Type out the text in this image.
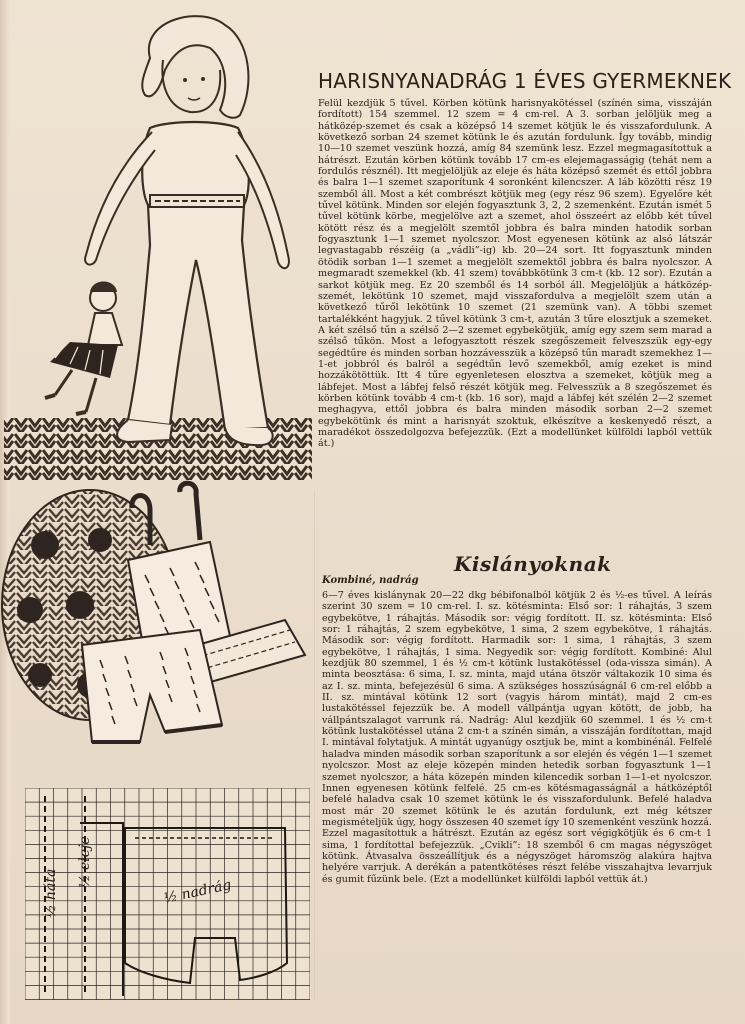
HARISNYANADRÁG 1 ÉVES GYERMEKNEK
Felül kezdjük 5 tűvel. Körben kötünk harisnyakötéssel (színén sima, visszáján fordított) 154 szemmel. 12 szem = 4 cm-rel. A 3. sorban jelöljük meg a hátközép-szemet és csak a középső 14 szemet kötjük le és visszafordulunk. A következő sorban 24 szemet kötünk le és azután fordulunk. Így tovább, mindig 10—10 szemet veszünk hozzá, amíg 84 szemünk lesz. Ezzel megmagasítottuk a hátrészt. Ezután körben kötünk tovább 17 cm-es elejemagasságig (tehát nem a fordulós résznél). Itt megjelöljük az eleje és háta középső szemét és ettől jobbra és balra 1—1 szemet szaporítunk 4 soronként kilencszer. A láb közötti rész 19 szemből áll. Most a két combrészt kötjük meg (egy rész 96 szem). Egyelőre két tűvel kötünk. Minden sor elején fogyasztunk 3, 2, 2 szemenként. Ezután ismét 5 tűvel kötünk körbe, megjelölve azt a szemet, ahol összeért az előbb két tűvel kötött rész és a megjelölt szemtől jobbra és balra minden hatodik sorban fogyasztunk 1—1 szemet nyolcszor. Most egyenesen kötünk az alsó látszár legvastagabb részéig (a „vádli”-ig) kb. 20—24 sort. Itt fogyasztunk minden ötödik sorban 1—1 szemet a megjelölt szemektől jobbra és balra nyolcszor. A megmaradt szemekkel (kb. 41 szem) továbbkötünk 3 cm-t (kb. 12 sor). Ezután a sarkot kötjük meg. Ez 20 szemből és 14 sorból áll. Megjelöljük a hátközép-szemét, lekötünk 10 szemet, majd visszafordulva a megjelölt szem után a következő tűről lekötünk 10 szemet (21 szemünk van). A többi szemet tartalékként hagyjuk. 2 tűvel kötünk 3 cm-t, azután 3 tűre elosztjuk a szemeket. A két szélső tűn a szélső 2—2 szemet egybekötjük, amíg egy szem sem marad a szélső tűkön. Most a lefogyasztott részek szegőszemeit felveszszük egy-egy segédtűre és minden sorban hozzávesszük a középső tűn maradt szemekhez 1—1-et jobbról és balról a segédtűn levő szemekből, amíg ezeket is mind hozzákötöttük. Itt 4 tűre egyenletesen elosztva a szemeket, kötjük meg a lábfejet. Most a lábfej felső részét kötjük meg. Felvesszük a 8 szegőszemet és körben kötünk tovább 4 cm-t (kb. 16 sor), majd a lábfej két szélén 2—2 szemet meghagyva, ettől jobbra és balra minden második sorban 2—2 szemet egybekötünk és mint a harisnyát szoktuk, elkészítve a keskenyedő részt, a maradékot összedolgozva befejezzük. (Ezt a modellünket külföldi lapból vettük át.)
Kislányoknak
Kombiné, nadrág
6—7 éves kislánynak 20—22 dkg bébifonalból kötjük 2 és ½-es tűvel. A leírás szerint 30 szem = 10 cm-rel. I. sz. kötésminta: Első sor: 1 ráhajtás, 3 szem egybekötve, 1 ráhajtás. Második sor: végig fordított. II. sz. kötésminta: Első sor: 1 ráhajtás, 2 szem egybekötve, 1 sima, 2 szem egybekötve, 1 ráhajtás. Második sor: végig fordított. Harmadik sor: 1 sima, 1 ráhajtás, 3 szem egybekötve, 1 ráhajtás, 1 sima. Negyedik sor: végig fordított. Kombiné: Alul kezdjük 80 szemmel, 1 és ½ cm-t kötünk lustakötéssel (oda-vissza simán). A minta beosztása: 6 sima, I. sz. minta, majd utána ötször váltakozik 10 sima és az I. sz. minta, befejezésül 6 sima. A szükséges hosszúságnál 6 cm-rel előbb a II. sz. mintával kötünk 12 sort (vagyis három mintát), majd 2 cm-es lustakötéssel fejezzük be. A modell vállpántja ugyan kötött, de jobb, ha vállpántszalagot varrunk rá. Nadrág: Alul kezdjük 60 szemmel. 1 és ½ cm-t kötünk lustakötéssel utána 2 cm-t a színén simán, a visszáján fordítottan, majd I. mintával folytatjuk. A mintát ugyanúgy osztjuk be, mint a kombinénál. Felfelé haladva minden második sorban szaporítunk a sor elején és végén 1—1 szemet nyolcszor. Most az eleje közepén minden hetedik sorban fogyasztunk 1—1 szemet nyolcszor, a háta közepén minden kilencedik sorban 1—1-et nyolcszor. Innen egyenesen kötünk felfelé. 25 cm-es kötésmagasságnál a hátközéptől befelé haladva csak 10 szemet kötünk le és visszafordulunk. Befelé haladva most már 20 szemet kötünk le és azután fordulunk, ezt még kétszer megismételjük úgy, hogy összesen 40 szemet így 10 szemenként veszünk hozzá. Ezzel magasítottuk a hátrészt. Ezután az egész sort végigkötjük és 6 cm-t 1 sima, 1 fordítottal befejezzük. „Cvikli”: 18 szemből 6 cm magas négyszöget kötünk. Átvasalva összeállítjuk és a négyszöget háromszög alakúra hajtva helyére varrjuk. A derékán a patentkötéses részt felébe visszahajtva levarrjuk és gumit fűzünk bele. (Ezt a modellünket külföldi lapból vettük át.)
½ háta
½ eleje
½ nadrág
